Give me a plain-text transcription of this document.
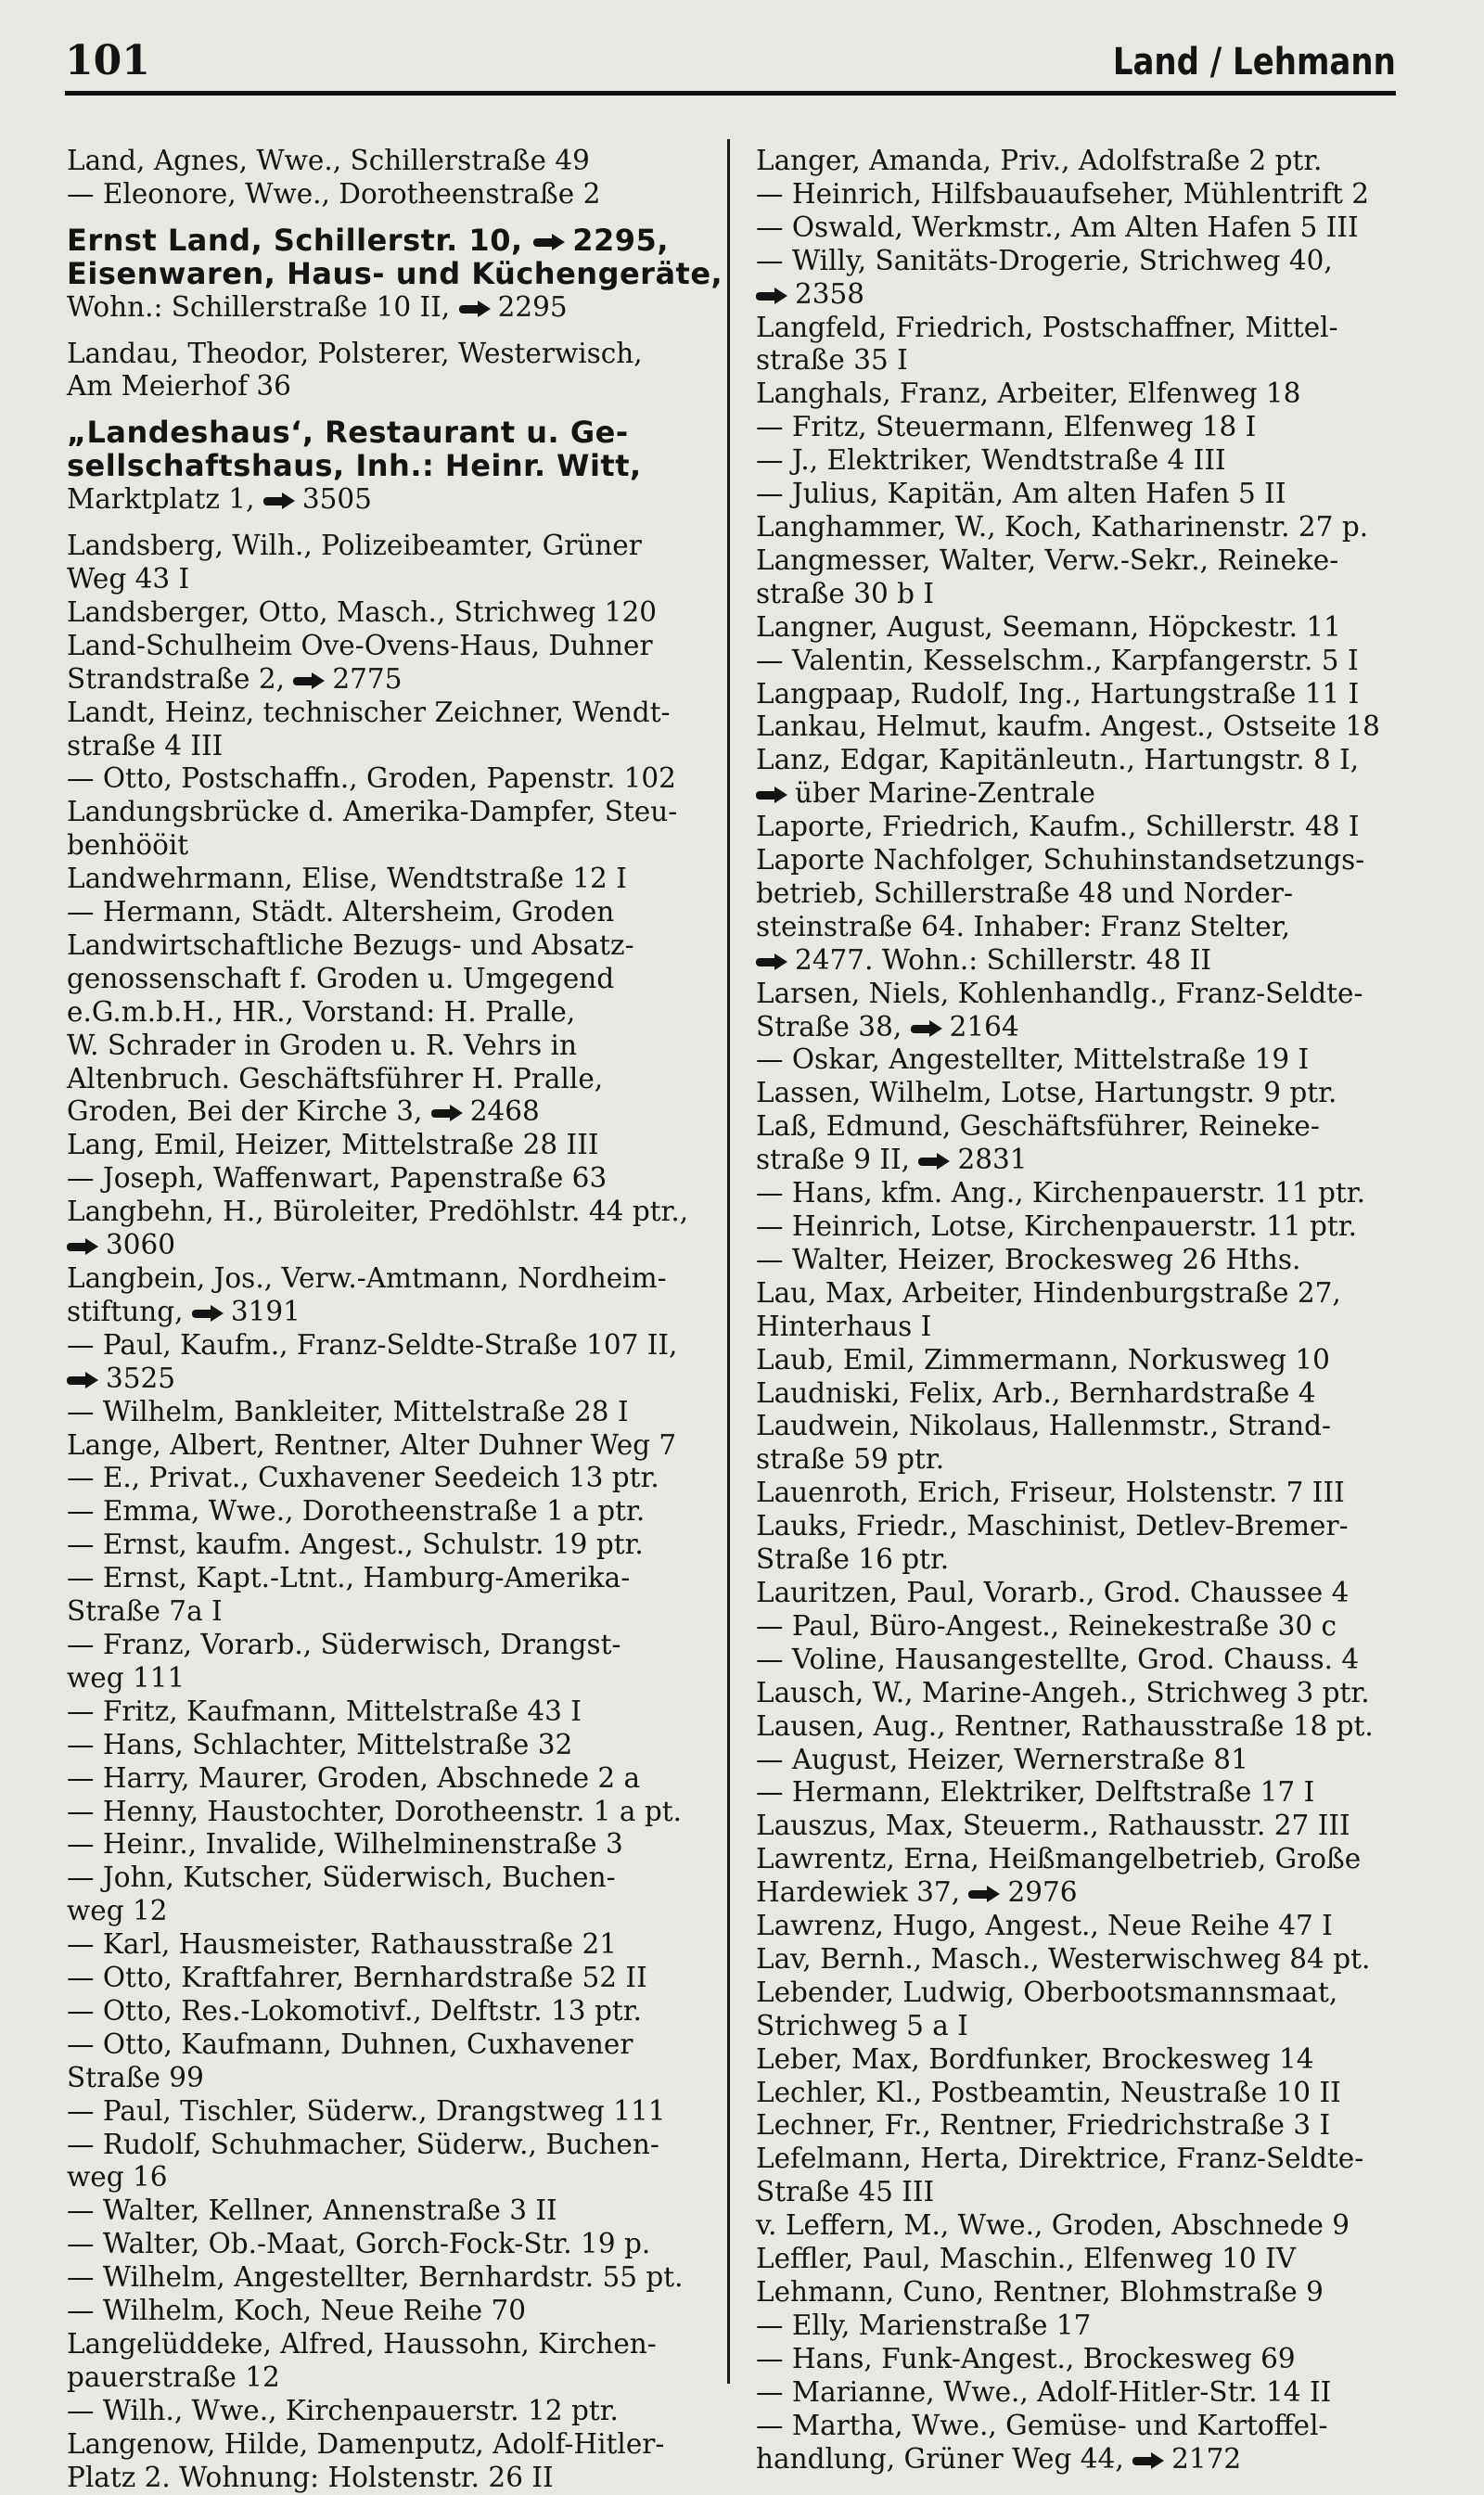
101	Land / Lehmann
Land, Agnes, Wwe., Schillerstraße 49
— Eleonore, Wwe., Dorotheenstraße 2
Ernst Land, Schillerstr. 10, 2295,
Eisenwaren, Haus- und Küchengeräte,
Wohn.: Schillerstraße 10 II, 2295
Landau, Theodor, Polsterer, Westerwisch,
Am Meierhof 36
„Landeshaus‘, Restaurant u. Ge-
sellschaftshaus, Inh.: Heinr. Witt,
Marktplatz 1, 3505
Landsberg, Wilh., Polizeibeamter, Grüner
Weg 43 I
Landsberger, Otto, Masch., Strichweg 120
Land-Schulheim Ove-Ovens-Haus, Duhner
Strandstraße 2, 2775
Landt, Heinz, technischer Zeichner, Wendt-
straße 4 III
— Otto, Postschaffn., Groden, Papenstr. 102
Landungsbrücke d. Amerika-Dampfer, Steu-
benhööit
Landwehrmann, Elise, Wendtstraße 12 I
— Hermann, Städt. Altersheim, Groden
Landwirtschaftliche Bezugs- und Absatz-
genossenschaft f. Groden u. Umgegend
e.G.m.b.H., HR., Vorstand: H. Pralle,
W. Schrader in Groden u. R. Vehrs in
Altenbruch. Geschäftsführer H. Pralle,
Groden, Bei der Kirche 3, 2468
Lang, Emil, Heizer, Mittelstraße 28 III
— Joseph, Waffenwart, Papenstraße 63
Langbehn, H., Büroleiter, Predöhlstr. 44 ptr.,
3060
Langbein, Jos., Verw.-Amtmann, Nordheim-
stiftung, 3191
— Paul, Kaufm., Franz-Seldte-Straße 107 II,
3525
— Wilhelm, Bankleiter, Mittelstraße 28 I
Lange, Albert, Rentner, Alter Duhner Weg 7
— E., Privat., Cuxhavener Seedeich 13 ptr.
— Emma, Wwe., Dorotheenstraße 1 a ptr.
— Ernst, kaufm. Angest., Schulstr. 19 ptr.
— Ernst, Kapt.-Ltnt., Hamburg-Amerika-
Straße 7a I
— Franz, Vorarb., Süderwisch, Drangst-
weg 111
— Fritz, Kaufmann, Mittelstraße 43 I
— Hans, Schlachter, Mittelstraße 32
— Harry, Maurer, Groden, Abschnede 2 a
— Henny, Haustochter, Dorotheenstr. 1 a pt.
— Heinr., Invalide, Wilhelminenstraße 3
— John, Kutscher, Süderwisch, Buchen-
weg 12
— Karl, Hausmeister, Rathausstraße 21
— Otto, Kraftfahrer, Bernhardstraße 52 II
— Otto, Res.-Lokomotivf., Delftstr. 13 ptr.
— Otto, Kaufmann, Duhnen, Cuxhavener
Straße 99
— Paul, Tischler, Süderw., Drangstweg 111
— Rudolf, Schuhmacher, Süderw., Buchen-
weg 16
— Walter, Kellner, Annenstraße 3 II
— Walter, Ob.-Maat, Gorch-Fock-Str. 19 p.
— Wilhelm, Angestellter, Bernhardstr. 55 pt.
— Wilhelm, Koch, Neue Reihe 70
Langelüddeke, Alfred, Haussohn, Kirchen-
pauerstraße 12
— Wilh., Wwe., Kirchenpauerstr. 12 ptr.
Langenow, Hilde, Damenputz, Adolf-Hitler-
Platz 2. Wohnung: Holstenstr. 26 II
Langer, Amanda, Priv., Adolfstraße 2 ptr.
— Heinrich, Hilfsbauaufseher, Mühlentrift 2
— Oswald, Werkmstr., Am Alten Hafen 5 III
— Willy, Sanitäts-Drogerie, Strichweg 40,
2358
Langfeld, Friedrich, Postschaffner, Mittel-
straße 35 I
Langhals, Franz, Arbeiter, Elfenweg 18
— Fritz, Steuermann, Elfenweg 18 I
— J., Elektriker, Wendtstraße 4 III
— Julius, Kapitän, Am alten Hafen 5 II
Langhammer, W., Koch, Katharinenstr. 27 p.
Langmesser, Walter, Verw.-Sekr., Reineke-
straße 30 b I
Langner, August, Seemann, Höpckestr. 11
— Valentin, Kesselschm., Karpfangerstr. 5 I
Langpaap, Rudolf, Ing., Hartungstraße 11 I
Lankau, Helmut, kaufm. Angest., Ostseite 18
Lanz, Edgar, Kapitänleutn., Hartungstr. 8 I,
über Marine-Zentrale
Laporte, Friedrich, Kaufm., Schillerstr. 48 I
Laporte Nachfolger, Schuhinstandsetzungs-
betrieb, Schillerstraße 48 und Norder-
steinstraße 64. Inhaber: Franz Stelter,
2477. Wohn.: Schillerstr. 48 II
Larsen, Niels, Kohlenhandlg., Franz-Seldte-
Straße 38, 2164
— Oskar, Angestellter, Mittelstraße 19 I
Lassen, Wilhelm, Lotse, Hartungstr. 9 ptr.
Laß, Edmund, Geschäftsführer, Reineke-
straße 9 II, 2831
— Hans, kfm. Ang., Kirchenpauerstr. 11 ptr.
— Heinrich, Lotse, Kirchenpauerstr. 11 ptr.
— Walter, Heizer, Brockesweg 26 Hths.
Lau, Max, Arbeiter, Hindenburgstraße 27,
Hinterhaus I
Laub, Emil, Zimmermann, Norkusweg 10
Laudniski, Felix, Arb., Bernhardstraße 4
Laudwein, Nikolaus, Hallenmstr., Strand-
straße 59 ptr.
Lauenroth, Erich, Friseur, Holstenstr. 7 III
Lauks, Friedr., Maschinist, Detlev-Bremer-
Straße 16 ptr.
Lauritzen, Paul, Vorarb., Grod. Chaussee 4
— Paul, Büro-Angest., Reinekestraße 30 c
— Voline, Hausangestellte, Grod. Chauss. 4
Lausch, W., Marine-Angeh., Strichweg 3 ptr.
Lausen, Aug., Rentner, Rathausstraße 18 pt.
— August, Heizer, Wernerstraße 81
— Hermann, Elektriker, Delftstraße 17 I
Lauszus, Max, Steuerm., Rathausstr. 27 III
Lawrentz, Erna, Heißmangelbetrieb, Große
Hardewiek 37, 2976
Lawrenz, Hugo, Angest., Neue Reihe 47 I
Lav, Bernh., Masch., Westerwischweg 84 pt.
Lebender, Ludwig, Oberbootsmannsmaat,
Strichweg 5 a I
Leber, Max, Bordfunker, Brockesweg 14
Lechler, Kl., Postbeamtin, Neustraße 10 II
Lechner, Fr., Rentner, Friedrichstraße 3 I
Lefelmann, Herta, Direktrice, Franz-Seldte-
Straße 45 III
v. Leffern, M., Wwe., Groden, Abschnede 9
Leffler, Paul, Maschin., Elfenweg 10 IV
Lehmann, Cuno, Rentner, Blohmstraße 9
— Elly, Marienstraße 17
— Hans, Funk-Angest., Brockesweg 69
— Marianne, Wwe., Adolf-Hitler-Str. 14 II
— Martha, Wwe., Gemüse- und Kartoffel-
handlung, Grüner Weg 44, 2172
